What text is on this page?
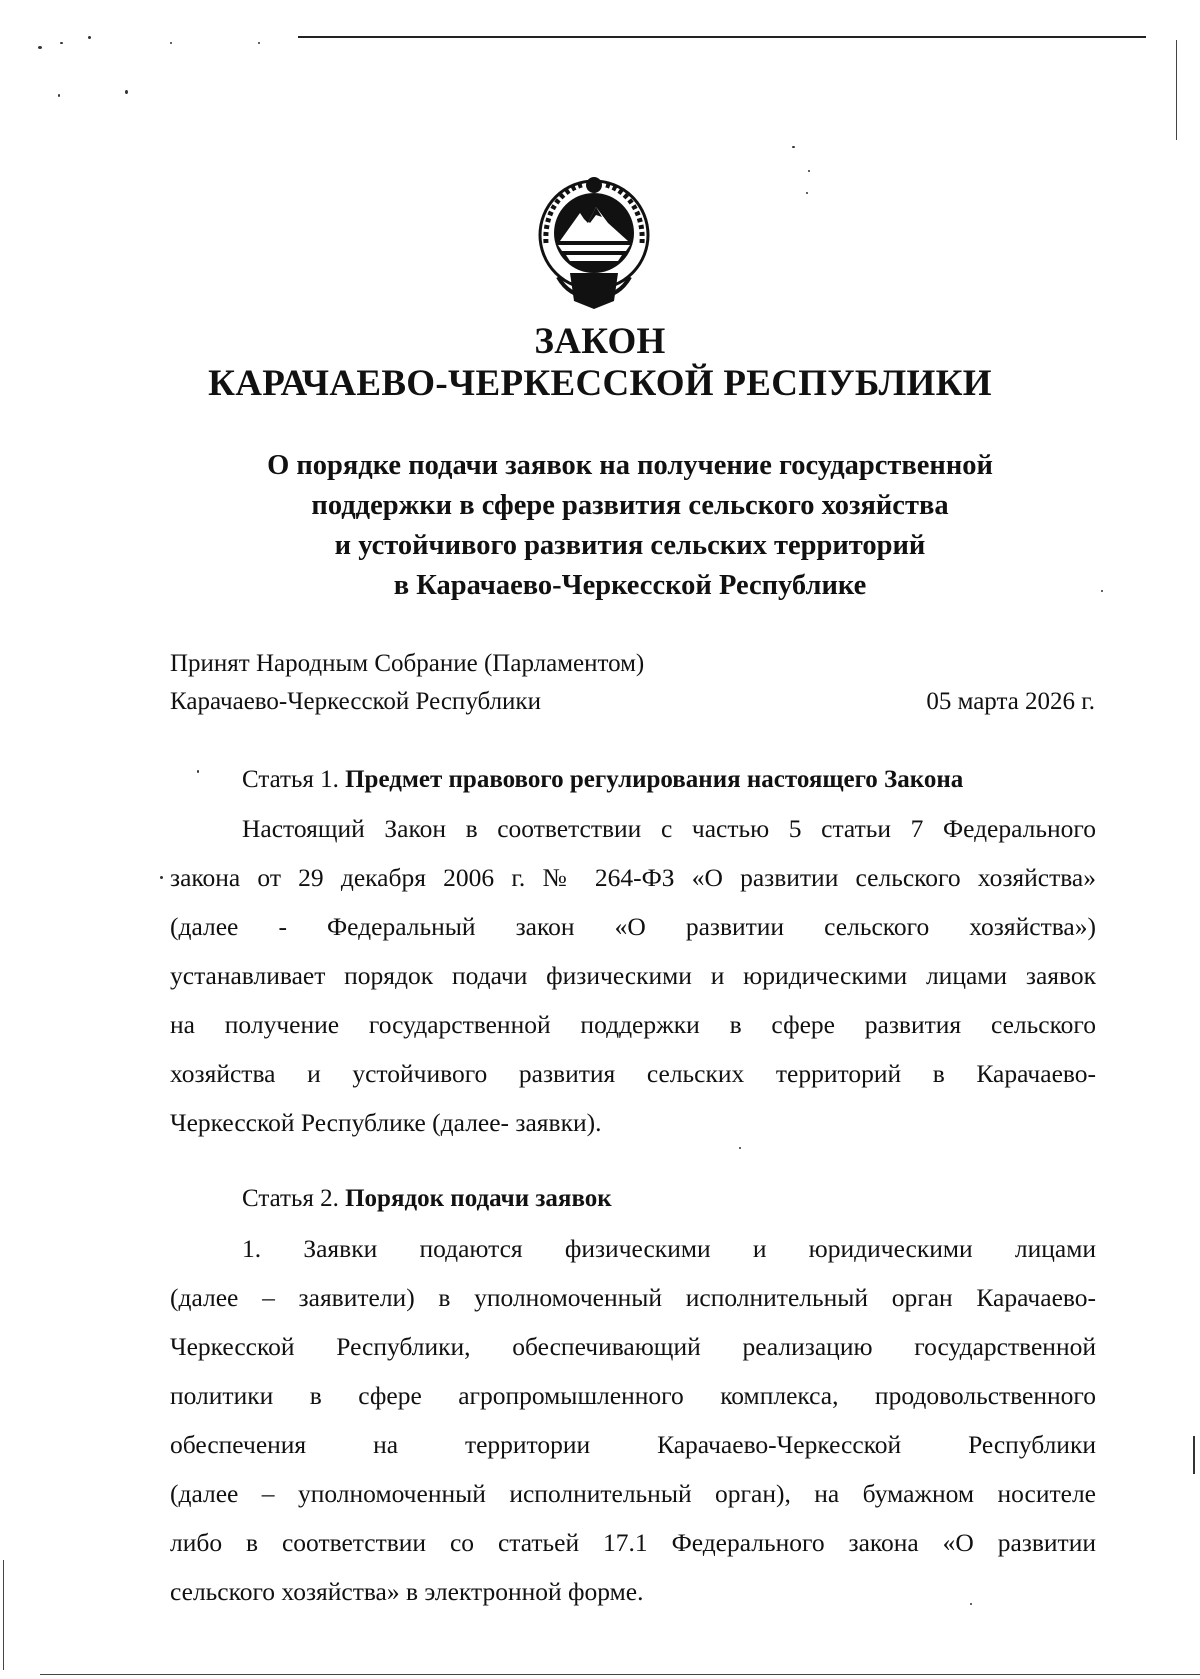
ЗАКОН
КАРАЧАЕВО-ЧЕРКЕССКОЙ РЕСПУБЛИКИ
О порядке подачи заявок на получение государственной
поддержки в сфере развития сельского хозяйства
и устойчивого развития сельских территорий
в Карачаево-Черкесской Республике
Принят Народным Собрание (Парламентом)
Карачаево-Черкесской Республики	05 марта 2026 г.
Статья 1. Предмет правового регулирования настоящего Закона
Настоящий Закон в соответствии с частью 5 статьи 7 Федерального
закона от 29 декабря 2006 г. № 264-ФЗ «О развитии сельского хозяйства»
(далее - Федеральный закон «О развитии сельского хозяйства»)
устанавливает порядок подачи физическими и юридическими лицами заявок
на получение государственной поддержки в сфере развития сельского
хозяйства и устойчивого развития сельских территорий в Карачаево-
Черкесской Республике (далее- заявки).
Статья 2. Порядок подачи заявок
1. Заявки подаются физическими и юридическими лицами
(далее – заявители) в уполномоченный исполнительный орган Карачаево-
Черкесской Республики, обеспечивающий реализацию государственной
политики в сфере агропромышленного комплекса, продовольственного
обеспечения на территории Карачаево-Черкесской Республики
(далее – уполномоченный исполнительный орган), на бумажном носителе
либо в соответствии со статьей 17.1 Федерального закона «О развитии
сельского хозяйства» в электронной форме.
